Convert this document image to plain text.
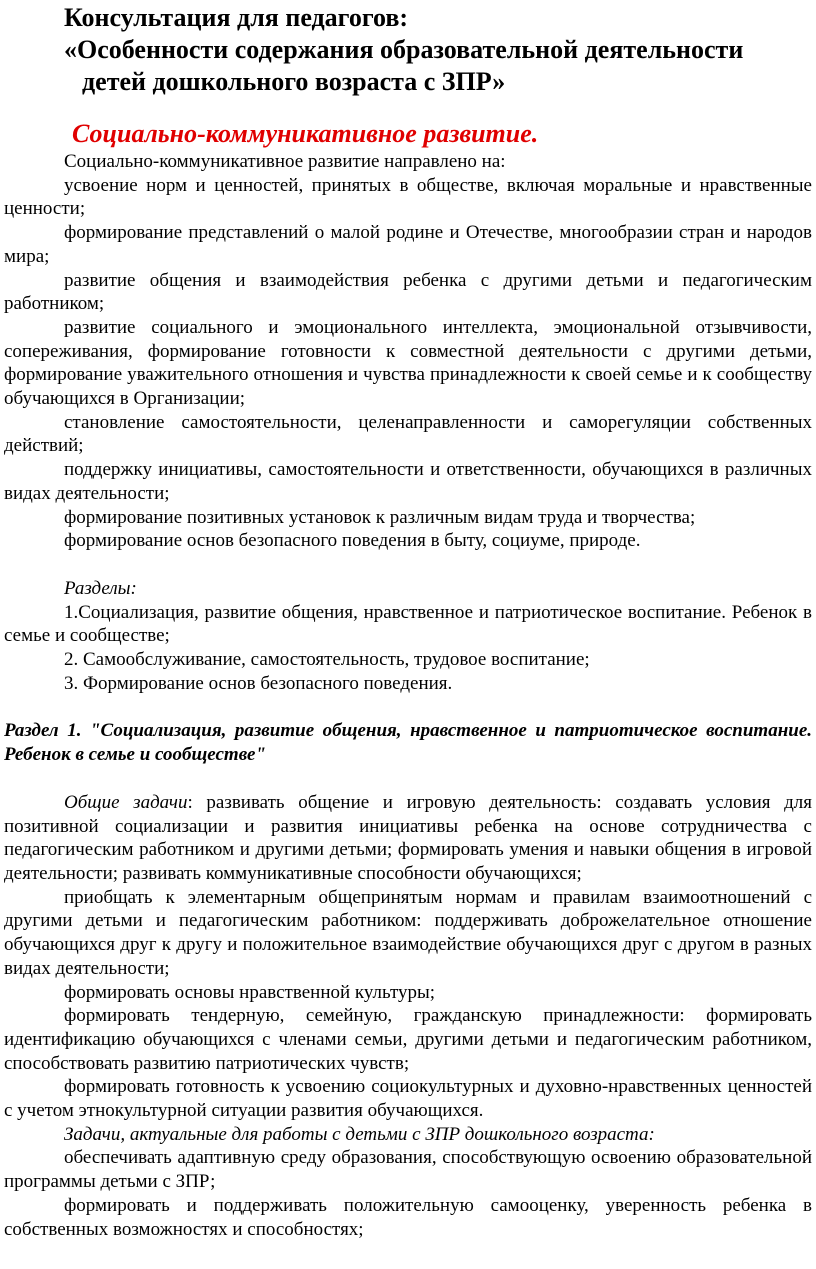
Консультация для педагогов:
«Особенности содержания образовательной деятельности
детей дошкольного возраста с ЗПР»
Социально-коммуникативное развитие.

Социально-коммуникативное развитие направлено на:

усвоение норм и ценностей, принятых в обществе, включая моральные и нравственные ценности;

формирование представлений о малой родине и Отечестве, многообразии стран и народов мира;

развитие общения и взаимодействия ребенка с другими детьми и педагогическим работником;

развитие социального и эмоционального интеллекта, эмоциональной отзывчивости, сопереживания, формирование готовности к совместной деятельности с другими детьми, формирование уважительного отношения и чувства принадлежности к своей семье и к сообществу обучающихся в Организации;

становление самостоятельности, целенаправленности и саморегуляции собственных действий;

поддержку инициативы, самостоятельности и ответственности, обучающихся в различных видах деятельности;

формирование позитивных установок к различным видам труда и творчества;

формирование основ безопасного поведения в быту, социуме, природе.

Разделы:

1.Социализация, развитие общения, нравственное и патриотическое воспитание. Ребенок в семье и сообществе;

2. Самообслуживание, самостоятельность, трудовое воспитание;

3. Формирование основ безопасного поведения.

Раздел 1. "Социализация, развитие общения, нравственное и патриотическое воспитание. Ребенок в семье и сообществе"

Общие задачи: развивать общение и игровую деятельность: создавать условия для позитивной социализации и развития инициативы ребенка на основе сотрудничества с педагогическим работником и другими детьми; формировать умения и навыки общения в игровой деятельности; развивать коммуникативные способности обучающихся;

приобщать к элементарным общепринятым нормам и правилам взаимоотношений с другими детьми и педагогическим работником: поддерживать доброжелательное отношение обучающихся друг к другу и положительное взаимодействие обучающихся друг с другом в разных видах деятельности;

формировать основы нравственной культуры;

формировать тендерную, семейную, гражданскую принадлежности: формировать идентификацию обучающихся с членами семьи, другими детьми и педагогическим работником, способствовать развитию патриотических чувств;

формировать готовность к усвоению социокультурных и духовно-нравственных ценностей с учетом этнокультурной ситуации развития обучающихся.

Задачи, актуальные для работы с детьми с ЗПР дошкольного возраста:

обеспечивать адаптивную среду образования, способствующую освоению образовательной программы детьми с ЗПР;

формировать и поддерживать положительную самооценку, уверенность ребенка в собственных возможностях и способностях;
